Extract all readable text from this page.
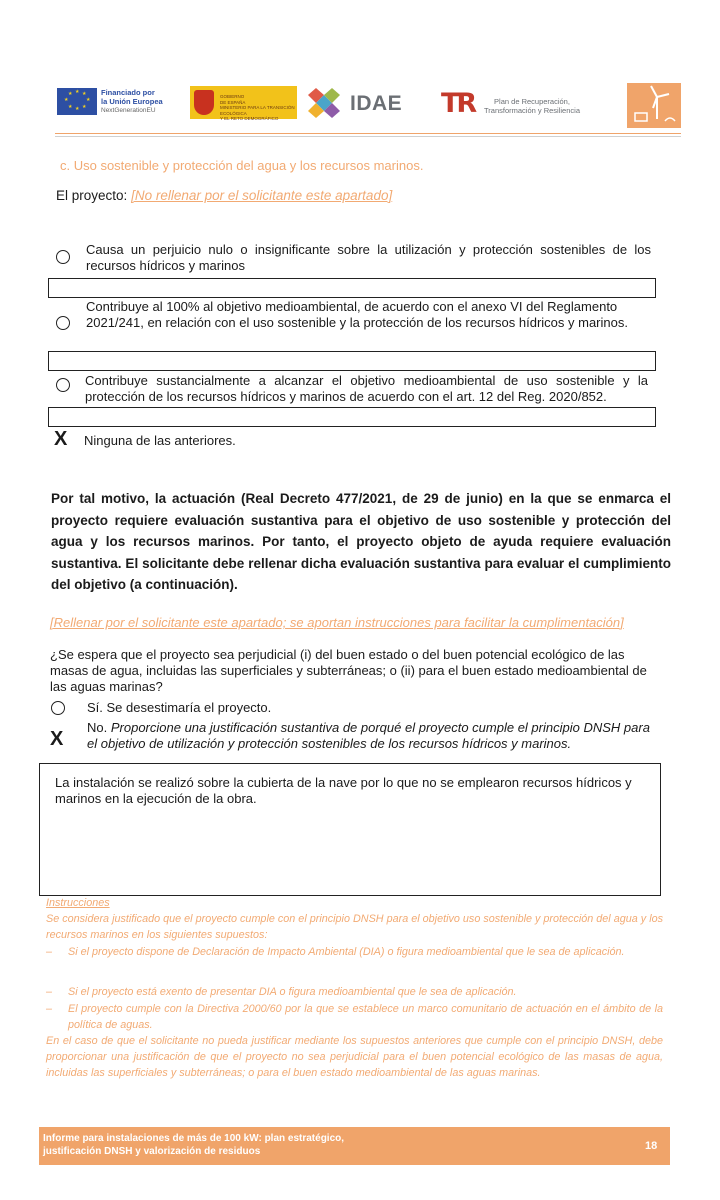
★ ★
★
★
★
★
★
★	Financiado por
la Unión Europea
NextGenerationEU
GOBIERNO
DE ESPAÑA
MINISTERIO PARA LA TRANSICIÓN ECOLÓGICA
Y EL RETO DEMOGRÁFICO
IDAE TR	Plan de Recuperación,
Transformación y Resiliencia
c. Uso sostenible y protección del agua y los recursos marinos.
El proyecto: [No rellenar por el solicitante este apartado]
Causa un perjuicio nulo o insignificante sobre la utilización y protección sostenibles de los recursos hídricos y marinos
Contribuye al 100% al objetivo medioambiental, de acuerdo con el anexo VI del Reglamento 2021/241, en relación con el uso sostenible y la protección de los recursos hídricos y marinos.
Contribuye sustancialmente a alcanzar el objetivo medioambiental de uso sostenible y la protección de los recursos hídricos y marinos de acuerdo con el art. 12 del Reg. 2020/852.
X Ninguna de las anteriores.
Por tal motivo, la actuación (Real Decreto 477/2021, de 29 de junio) en la que se enmarca el proyecto requiere evaluación sustantiva para el objetivo de uso sostenible y protección del agua y los recursos marinos. Por tanto, el proyecto objeto de ayuda requiere evaluación sustantiva. El solicitante debe rellenar dicha evaluación sustantiva para evaluar el cumplimiento del objetivo (a continuación).
[Rellenar por el solicitante este apartado; se aportan instrucciones para facilitar la cumplimentación]
¿Se espera que el proyecto sea perjudicial (i) del buen estado o del buen potencial ecológico de las masas de agua, incluidas las superficiales y subterráneas; o (ii) para el buen estado medioambiental de las aguas marinas?
Sí. Se desestimaría el proyecto.
X
No. Proporcione una justificación sustantiva de porqué el proyecto cumple el principio DNSH para el objetivo de utilización y protección sostenibles de los recursos hídricos y marinos.
La instalación se realizó sobre la cubierta de la nave por lo que no se emplearon recursos hídricos y marinos en la ejecución de la obra.
Instrucciones
Se considera justificado que el proyecto cumple con el principio DNSH para el objetivo uso sostenible y protección del agua y los recursos marinos en los siguientes supuestos:
– Si el proyecto dispone de Declaración de Impacto Ambiental (DIA) o figura medioambiental que le sea de aplicación.
– Si el proyecto está exento de presentar DIA o figura medioambiental que le sea de aplicación.
– El proyecto cumple con la Directiva 2000/60 por la que se establece un marco comunitario de actuación en el ámbito de la política de aguas.
En el caso de que el solicitante no pueda justificar mediante los supuestos anteriores que cumple con el principio DNSH, debe proporcionar una justificación de que el proyecto no sea perjudicial para el buen potencial ecológico de las masas de agua, incluidas las superficiales y subterráneas; o para el buen estado medioambiental de las aguas marinas.
Informe para instalaciones de más de 100 kW: plan estratégico,
justificación DNSH y valorización de residuos	18
